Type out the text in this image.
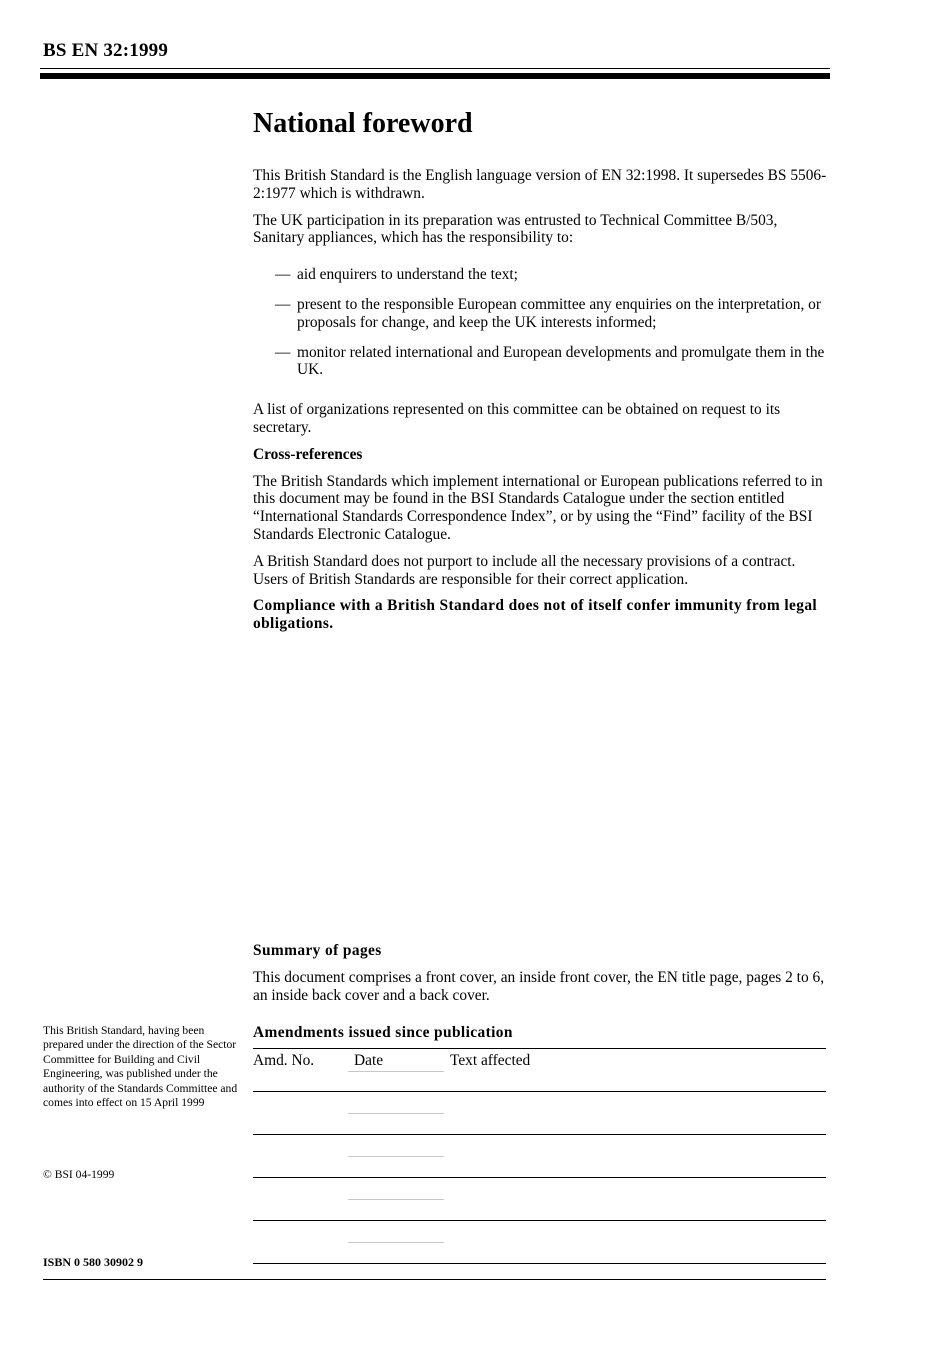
BS EN 32:1999
National foreword

This British Standard is the English language version of EN 32:1998. It supersedes BS 5506-2:1977 which is withdrawn.

The UK participation in its preparation was entrusted to Technical Committee B/503, Sanitary appliances, which has the responsibility to:

— aid enquirers to understand the text;
— present to the responsible European committee any enquiries on the interpretation, or proposals for change, and keep the UK interests informed;
— monitor related international and European developments and promulgate them in the UK.

A list of organizations represented on this committee can be obtained on request to its secretary.

Cross-references

The British Standards which implement international or European publications referred to in this document may be found in the BSI Standards Catalogue under the section entitled “International Standards Correspondence Index”, or by using the “Find” facility of the BSI Standards Electronic Catalogue.

A British Standard does not purport to include all the necessary provisions of a contract. Users of British Standards are responsible for their correct application.

Compliance with a British Standard does not of itself confer immunity from legal obligations.

Summary of pages

This document comprises a front cover, an inside front cover, the EN title page, pages 2 to 6, an inside back cover and a back cover.

Amendments issued since publication

Amd. No.	Date	Text affected
This British Standard, having been prepared under the direction of the Sector Committee for Building and Civil Engineering, was published under the authority of the Standards Committee and comes into effect on 15 April 1999
© BSI 04-1999
ISBN 0 580 30902 9
